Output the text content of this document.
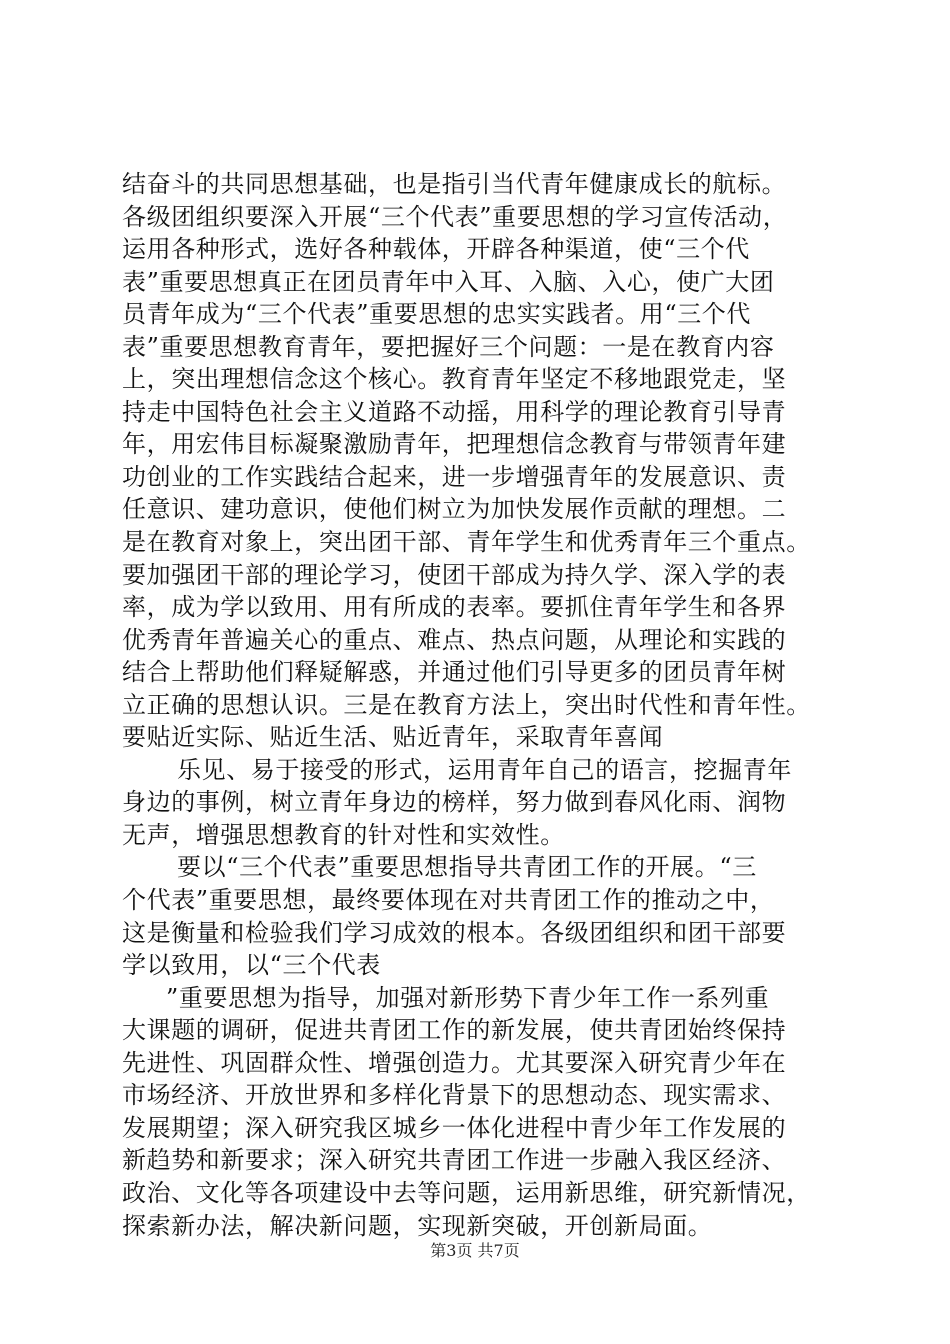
结奋斗的共同思想基础，也是指引当代青年健康成长的航标。
各级团组织要深入开展“三个代表”重要思想的学习宣传活动，
运用各种形式，选好各种载体，开辟各种渠道，使“三个代
表”重要思想真正在团员青年中入耳、入脑、入心，使广大团
员青年成为“三个代表”重要思想的忠实实践者。用“三个代
表”重要思想教育青年，要把握好三个问题：一是在教育内容
上，突出理想信念这个核心。教育青年坚定不移地跟党走，坚
持走中国特色社会主义道路不动摇，用科学的理论教育引导青
年，用宏伟目标凝聚激励青年，把理想信念教育与带领青年建
功创业的工作实践结合起来，进一步增强青年的发展意识、责
任意识、建功意识，使他们树立为加快发展作贡献的理想。二
是在教育对象上，突出团干部、青年学生和优秀青年三个重点。
要加强团干部的理论学习，使团干部成为持久学、深入学的表
率，成为学以致用、用有所成的表率。要抓住青年学生和各界
优秀青年普遍关心的重点、难点、热点问题，从理论和实践的
结合上帮助他们释疑解惑，并通过他们引导更多的团员青年树
立正确的思想认识。三是在教育方法上，突出时代性和青年性。
要贴近实际、贴近生活、贴近青年，采取青年喜闻
乐见、易于接受的形式，运用青年自己的语言，挖掘青年
身边的事例，树立青年身边的榜样，努力做到春风化雨、润物
无声，增强思想教育的针对性和实效性。
要以“三个代表”重要思想指导共青团工作的开展。“三
个代表”重要思想，最终要体现在对共青团工作的推动之中，
这是衡量和检验我们学习成效的根本。各级团组织和团干部要
学以致用，以“三个代表
”重要思想为指导，加强对新形势下青少年工作一系列重
大课题的调研，促进共青团工作的新发展，使共青团始终保持
先进性、巩固群众性、增强创造力。尤其要深入研究青少年在
市场经济、开放世界和多样化背景下的思想动态、现实需求、
发展期望；深入研究我区城乡一体化进程中青少年工作发展的
新趋势和新要求；深入研究共青团工作进一步融入我区经济、
政治、文化等各项建设中去等问题，运用新思维，研究新情况，
探索新办法，解决新问题，实现新突破，开创新局面。
第3页 共7页
